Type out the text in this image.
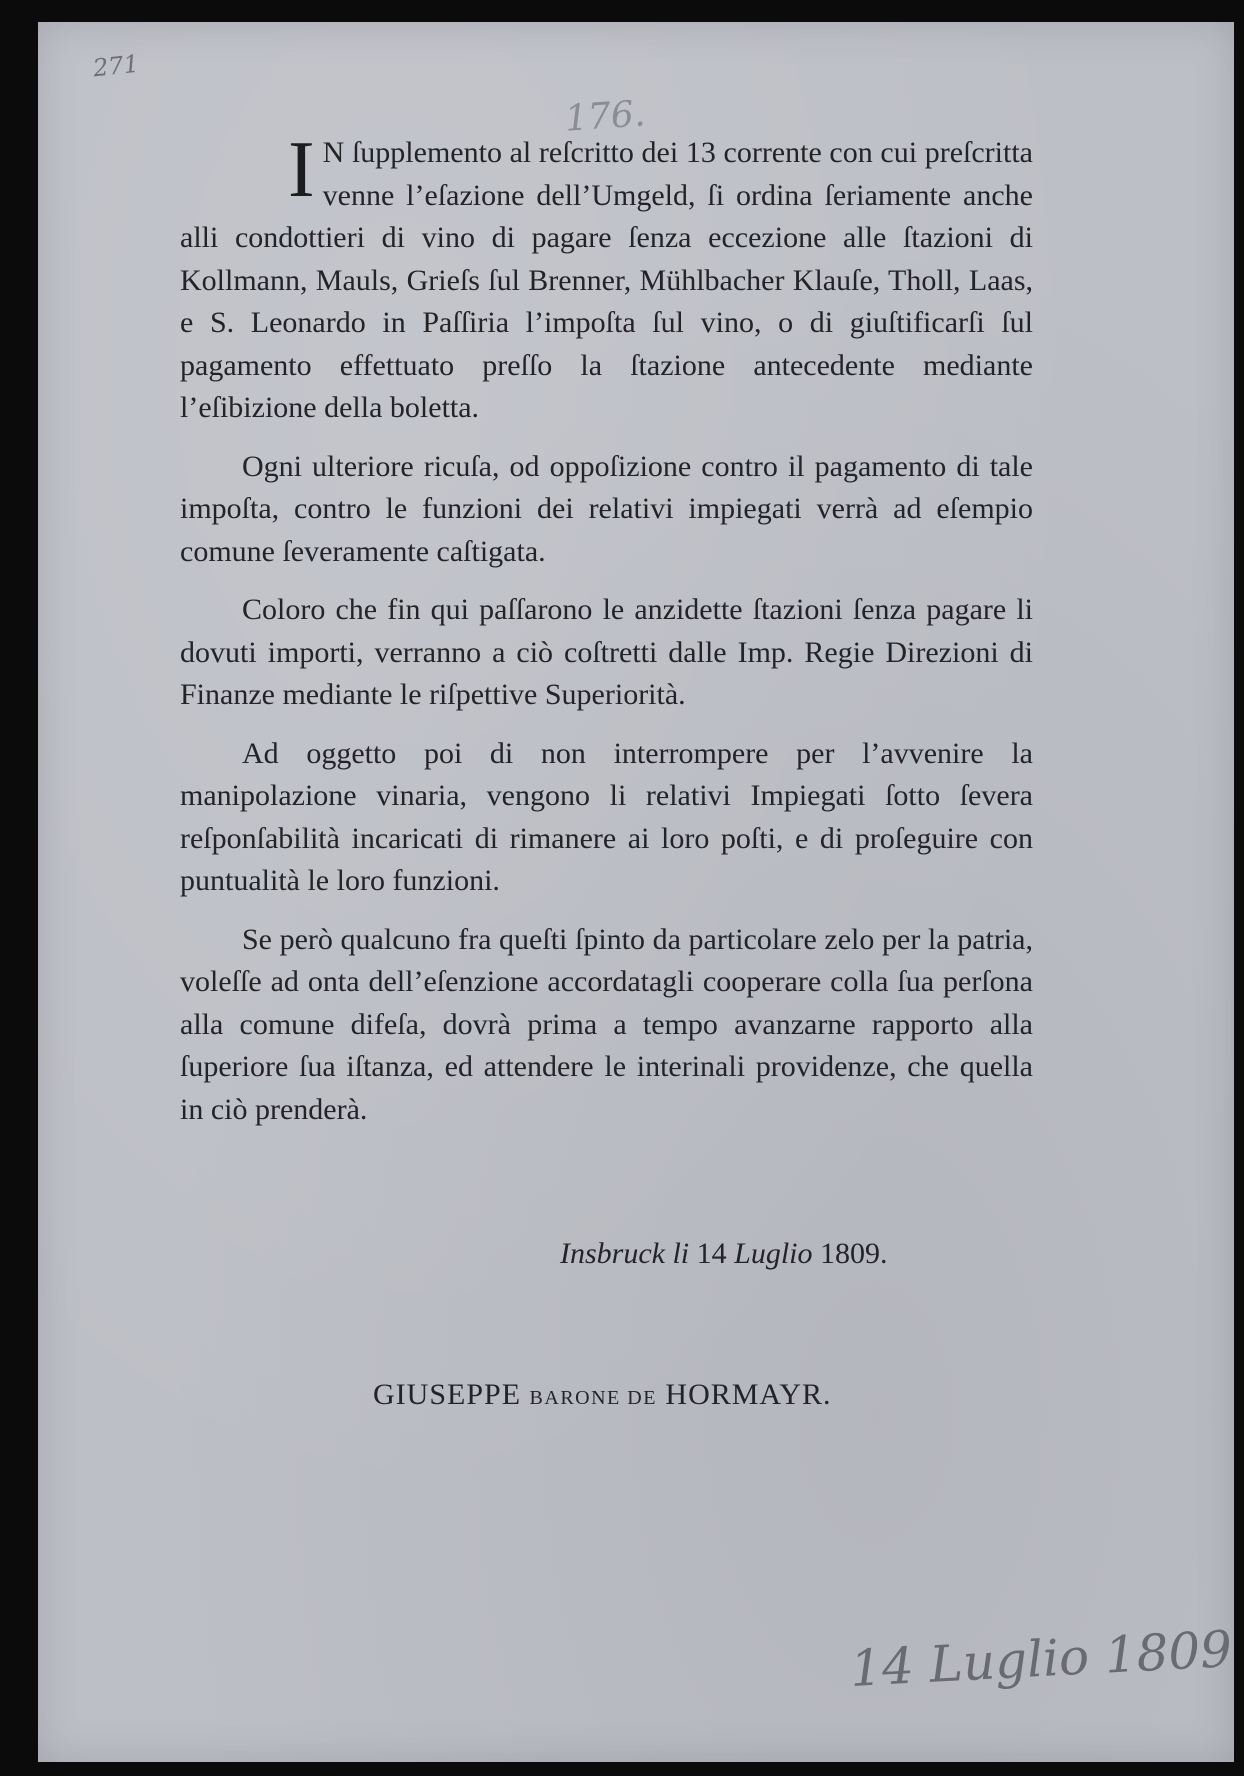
271
176.

I N ſupplemento al reſcritto dei 13 corrente con cui preſcritta venne l’eſazione dell’Umgeld, ſi ordina ſeriamente anche alli condottieri di vino di pagare ſenza eccezione alle ſtazioni di Kollmann, Mauls, Grieſs ſul Brenner, Mühlbacher Klauſe, Tholl, Laas, e S. Leonardo in Paſſiria l’impoſta ſul vino, o di giuſtificarſi ſul pagamento effettuato preſſo la ſtazione antecedente mediante l’eſibizione della boletta.

Ogni ulteriore ricuſa, od oppoſizione contro il pagamento di tale impoſta, contro le funzioni dei relativi impiegati verrà ad eſempio comune ſeveramente caſtigata.

Coloro che fin qui paſſarono le anzidette ſtazioni ſenza pagare li dovuti importi, verranno a ciò coſtretti dalle Imp. Regie Direzioni di Finanze mediante le riſpettive Superiorità.

Ad oggetto poi di non interrompere per l’avvenire la manipolazione vinaria, vengono li relativi Impiegati ſotto ſevera reſponſabilità incaricati di rimanere ai loro poſti, e di proſeguire con puntualità le loro funzioni.

Se però qualcuno fra queſti ſpinto da particolare zelo per la patria, voleſſe ad onta dell’eſenzione accordatagli cooperare colla ſua perſona alla comune difeſa, dovrà prima a tempo avanzarne rapporto alla ſuperiore ſua iſtanza, ed attendere le interinali providenze, che quella in ciò prenderà.

Insbruck li 14 Luglio 1809.
GIUSEPPE BARONE DE HORMAYR.
14 Luglio 1809
